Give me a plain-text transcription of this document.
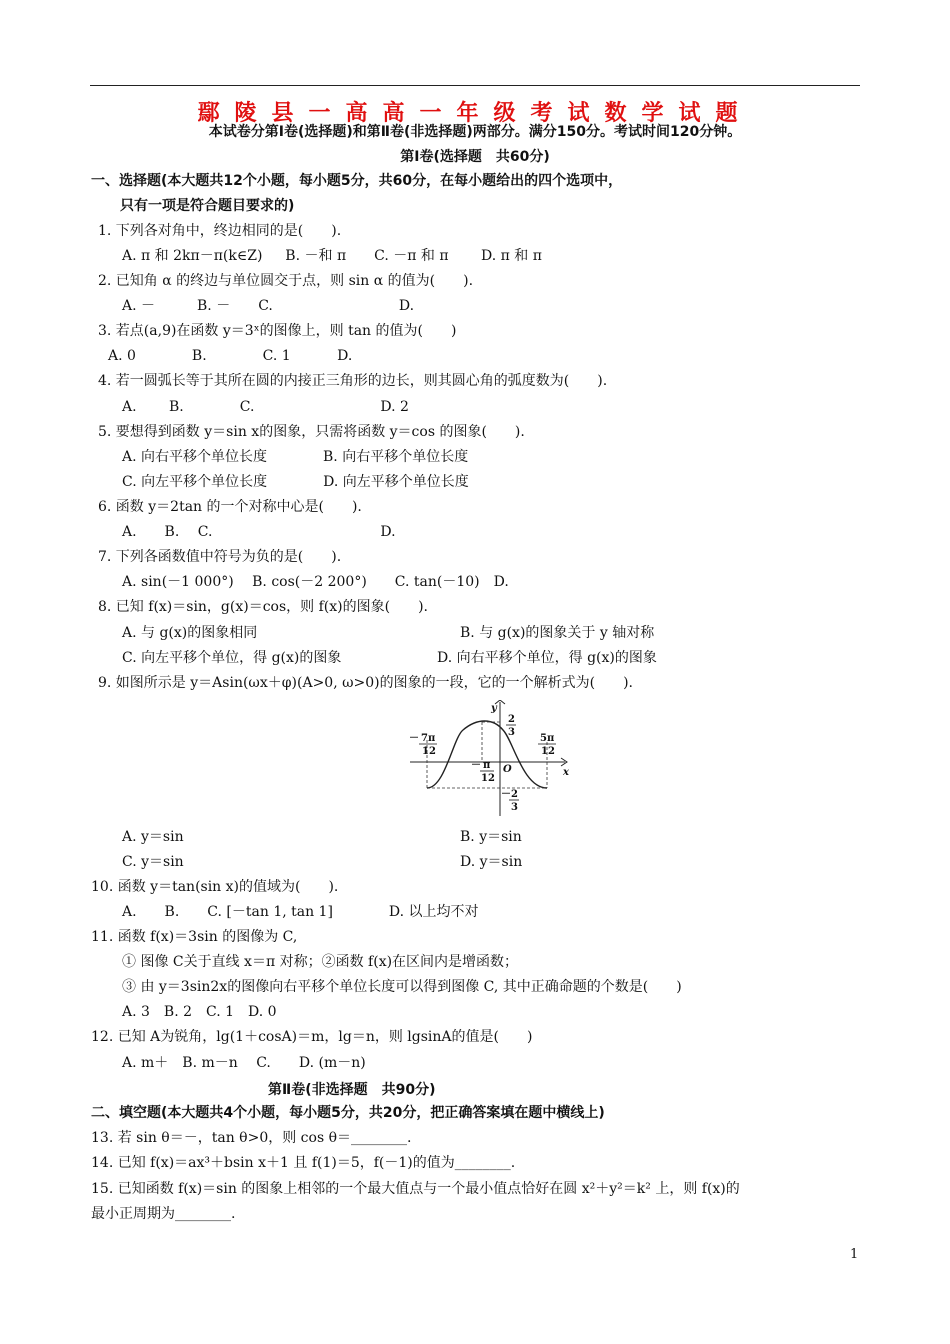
鄢陵县一高高一年级考试数学试题
本试卷分第Ⅰ卷(选择题)和第Ⅱ卷(非选择题)两部分。满分150分。考试时间120分钟。
第Ⅰ卷(选择题　共60分)
一、选择题(本大题共12个小题，每小题5分，共60分，在每小题给出的四个选项中，
只有一项是符合题目要求的)
1. 下列各对角中，终边相同的是(　　).
A. π 和 2kπ－π(k∈Z)　  B. －和 π　　C. －π 和 π　　 D. π 和 π
2. 已知角 α 的终边与单位圆交于点，则 sin α 的值为(　　).
A. －　　　B. －　　C.　　　　　　　　　D.
3. 若点(a,9)在函数 y＝3ˣ的图像上，则 tan 的值为(　　)
A. 0　　　　B.　　　　C. 1　　　 D.
4. 若一圆弧长等于其所在圆的内接正三角形的边长，则其圆心角的弧度数为(　　).
A.　　 B.　　　　C.　　　　　　　　　D. 2
5. 要想得到函数 y＝sin x的图象，只需将函数 y＝cos 的图象(　　).
A. 向右平移个单位长度　　　　B. 向右平移个单位长度
C. 向左平移个单位长度　　　　D. 向左平移个单位长度
6. 函数 y＝2tan 的一个对称中心是(　　).
A.　　B.　 C.　　　　　　　　　　　　D.
7. 下列各函数值中符号为负的是(　　).
A. sin(－1 000°)　 B. cos(－2 200°)　　C. tan(－10)　D.
8. 已知 f(x)＝sin，g(x)＝cos，则 f(x)的图象(　　).
A. 与 g(x)的图象相同	B. 与 g(x)的图象关于 y 轴对称
C. 向左平移个单位，得 g(x)的图象	D. 向右平移个单位，得 g(x)的图象
9. 如图所示是 y＝Asin(ωx＋φ)(A>0, ω>0)的图象的一段，它的一个解析式为(　　).
y
x
O
2
3
－ 2
3
－ 7π
12
－ π
12
5π
12
A. y＝sin	B. y＝sin
C. y＝sin	D. y＝sin
10. 函数 y＝tan(sin x)的值域为(　　).
A.　　B.　　C. [－tan 1, tan 1]　　　　D. 以上均不对
11. 函数 f(x)＝3sin 的图像为 C,
① 图像 C关于直线 x＝π 对称；②函数 f(x)在区间内是增函数；
③ 由 y＝3sin2x的图像向右平移个单位长度可以得到图像 C, 其中正确命题的个数是(　　)
A. 3　B. 2　C. 1　D. 0
12. 已知 A为锐角，lg(1＋cosA)＝m，lg＝n，则 lgsinA的值是(　　)
A. m＋　B. m－n　 C.　　D. (m－n)
第Ⅱ卷(非选择题　共90分)
二、填空题(本大题共4个小题，每小题5分，共20分，把正确答案填在题中横线上)
13. 若 sin θ＝－，tan θ>0，则 cos θ＝________.
14. 已知 f(x)＝ax³＋bsin x＋1 且 f(1)＝5，f(－1)的值为________.
15. 已知函数 f(x)＝sin 的图象上相邻的一个最大值点与一个最小值点恰好在圆 x²＋y²＝k² 上，则 f(x)的
最小正周期为________.
1
